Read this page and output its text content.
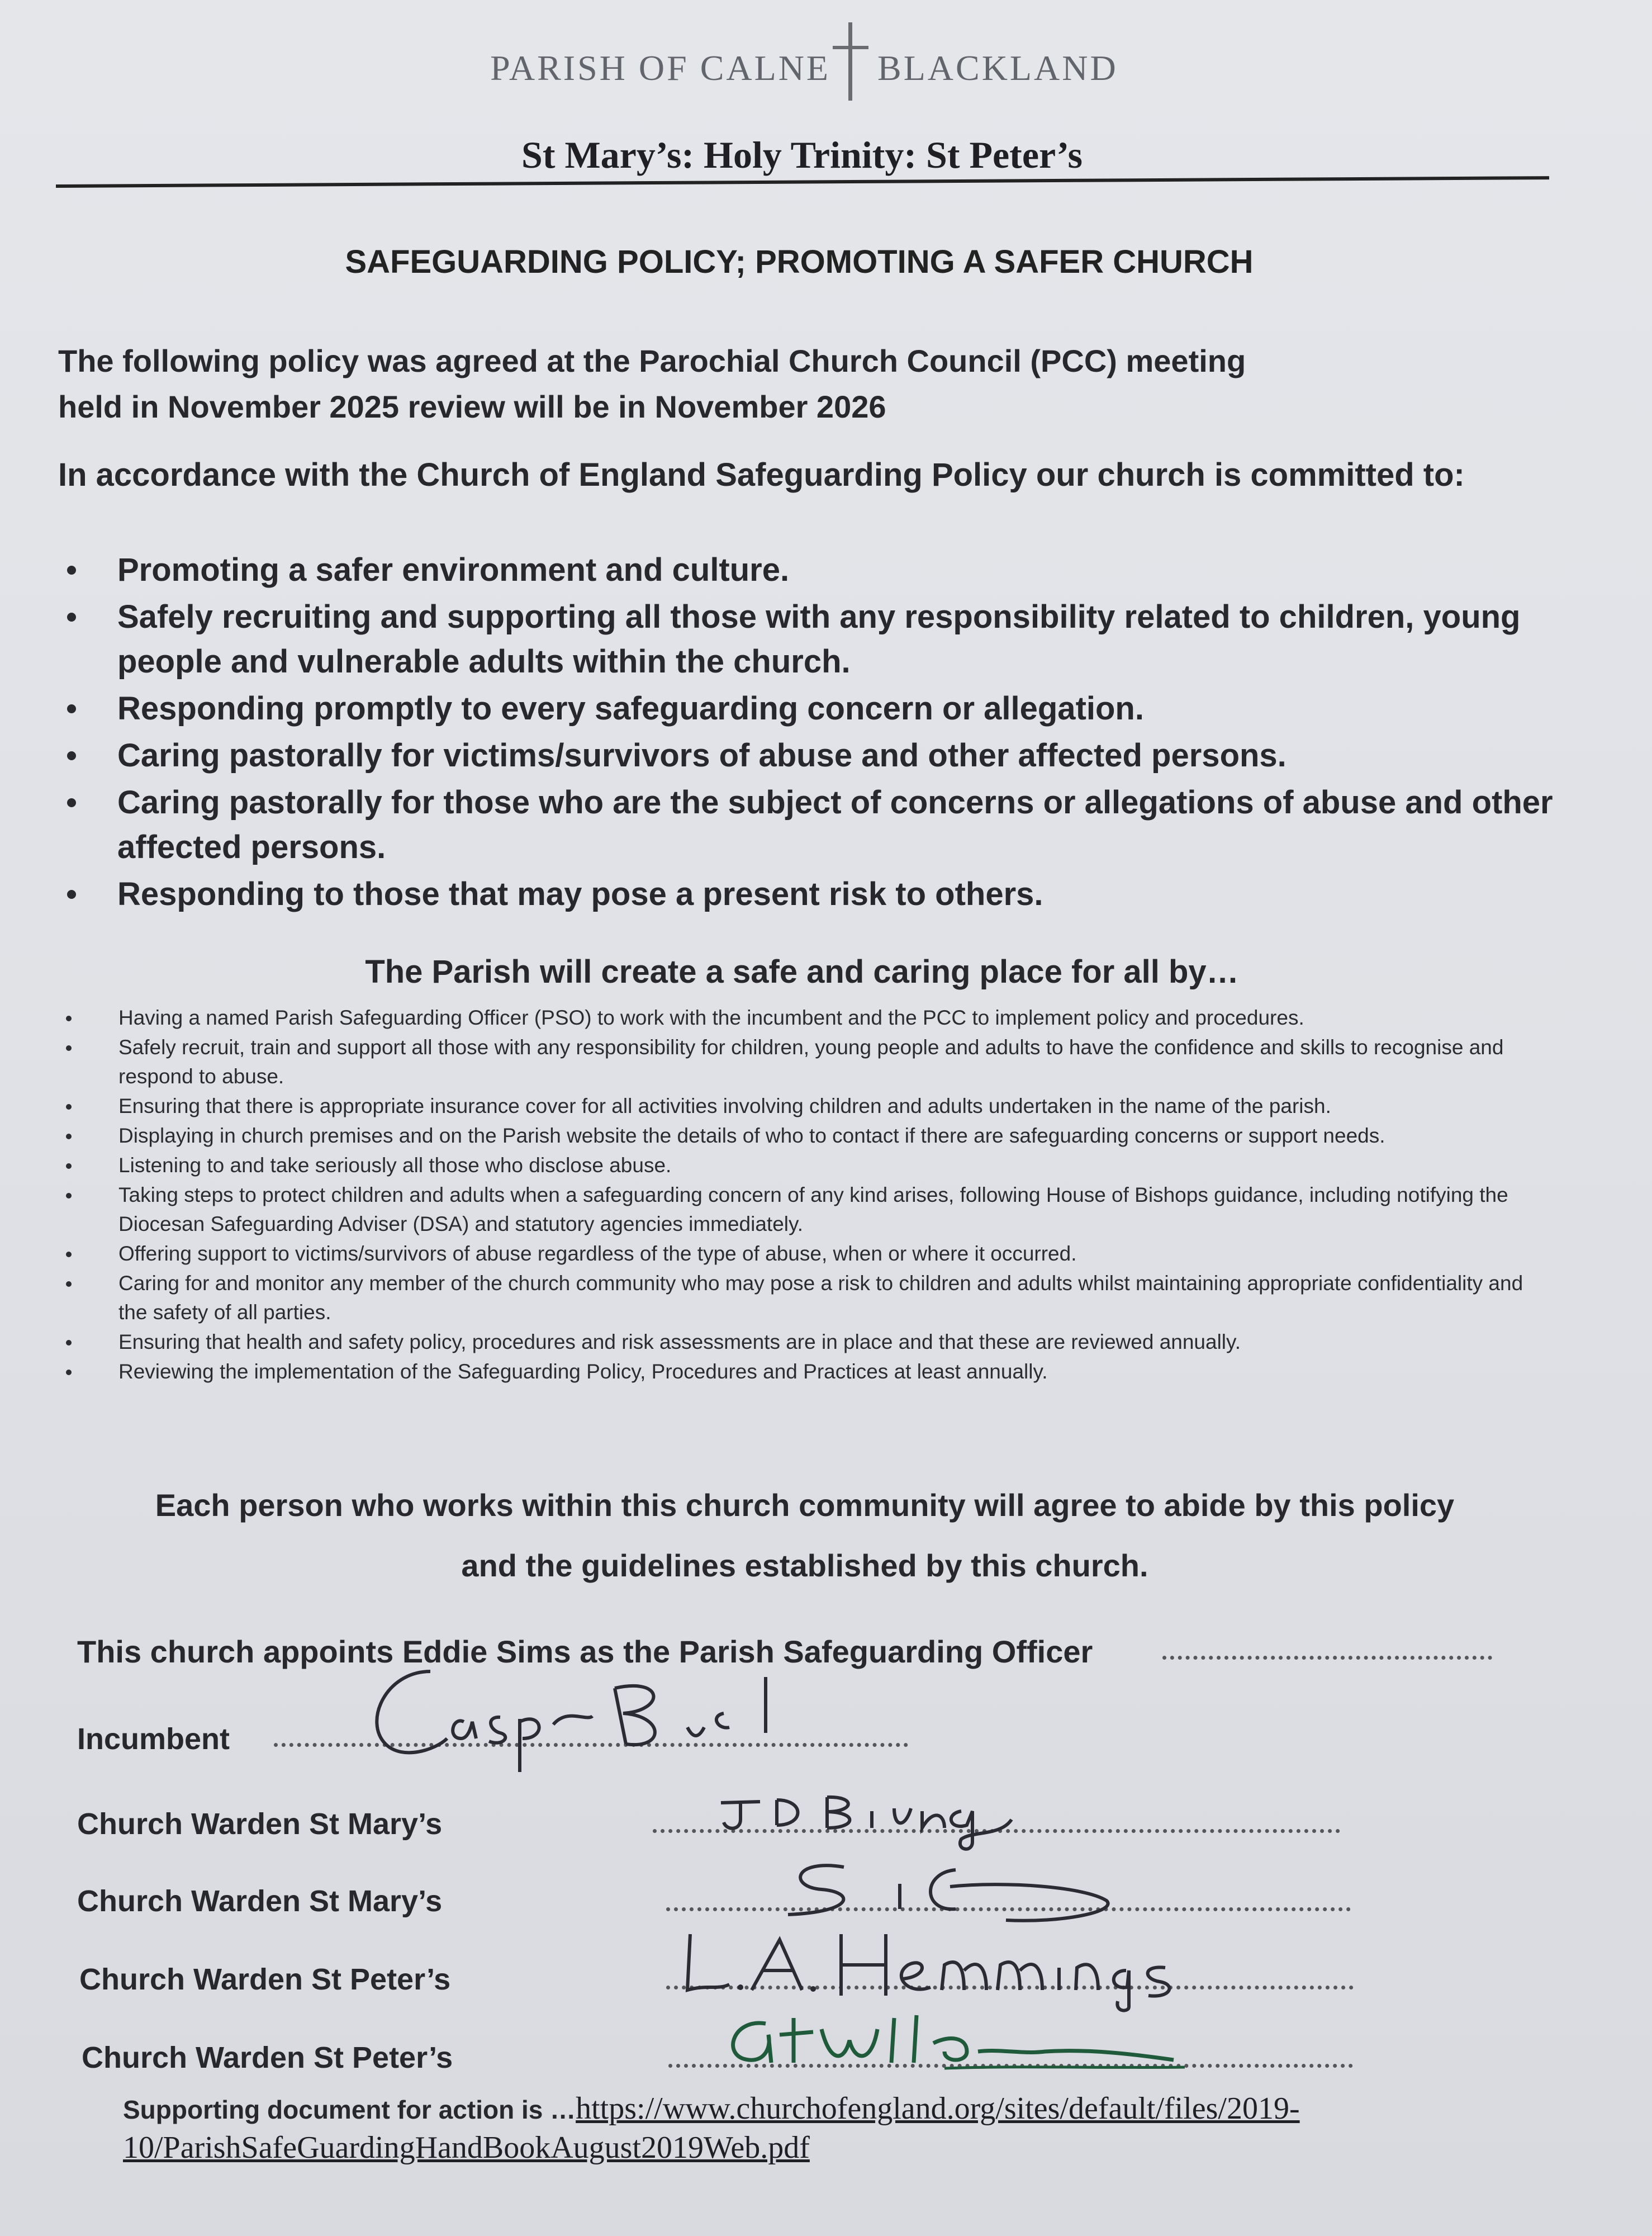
PARISH OF CALNE BLACKLAND
St Mary’s: Holy Trinity: St Peter’s
SAFEGUARDING POLICY; PROMOTING A SAFER CHURCH
The following policy was agreed at the Parochial Church Council (PCC) meeting
held in November 2025 review will be in November 2026
In accordance with the Church of England Safeguarding Policy our church is committed to:
Promoting a safer environment and culture.
Safely recruiting and supporting all those with any responsibility related to children, young people and vulnerable adults within the church.
Responding promptly to every safeguarding concern or allegation.
Caring pastorally for victims/survivors of abuse and other affected persons.
Caring pastorally for those who are the subject of concerns or allegations of abuse and other affected persons.
Responding to those that may pose a present risk to others.
The Parish will create a safe and caring place for all by…
Having a named Parish Safeguarding Officer (PSO) to work with the incumbent and the PCC to implement policy and procedures.
Safely recruit, train and support all those with any responsibility for children, young people and adults to have the confidence and skills to recognise and respond to abuse.
Ensuring that there is appropriate insurance cover for all activities involving children and adults undertaken in the name of the parish.
Displaying in church premises and on the Parish website the details of who to contact if there are safeguarding concerns or support needs.
Listening to and take seriously all those who disclose abuse.
Taking steps to protect children and adults when a safeguarding concern of any kind arises, following House of Bishops guidance, including notifying the Diocesan Safeguarding Adviser (DSA) and statutory agencies immediately.
Offering support to victims/survivors of abuse regardless of the type of abuse, when or where it occurred.
Caring for and monitor any member of the church community who may pose a risk to children and adults whilst maintaining appropriate confidentiality and the safety of all parties.
Ensuring that health and safety policy, procedures and risk assessments are in place and that these are reviewed annually.
Reviewing the implementation of the Safeguarding Policy, Procedures and Practices at least annually.
Each person who works within this church community will agree to abide by this policy
and the guidelines established by this church.
This church appoints Eddie Sims as the Parish Safeguarding Officer
Incumbent
Church Warden St Mary’s
Church Warden St Mary’s
Church Warden St Peter’s
Church Warden St Peter’s
Supporting document for action is …https://www.churchofengland.org/sites/default/files/2019-
10/ParishSafeGuardingHandBookAugust2019Web.pdf
